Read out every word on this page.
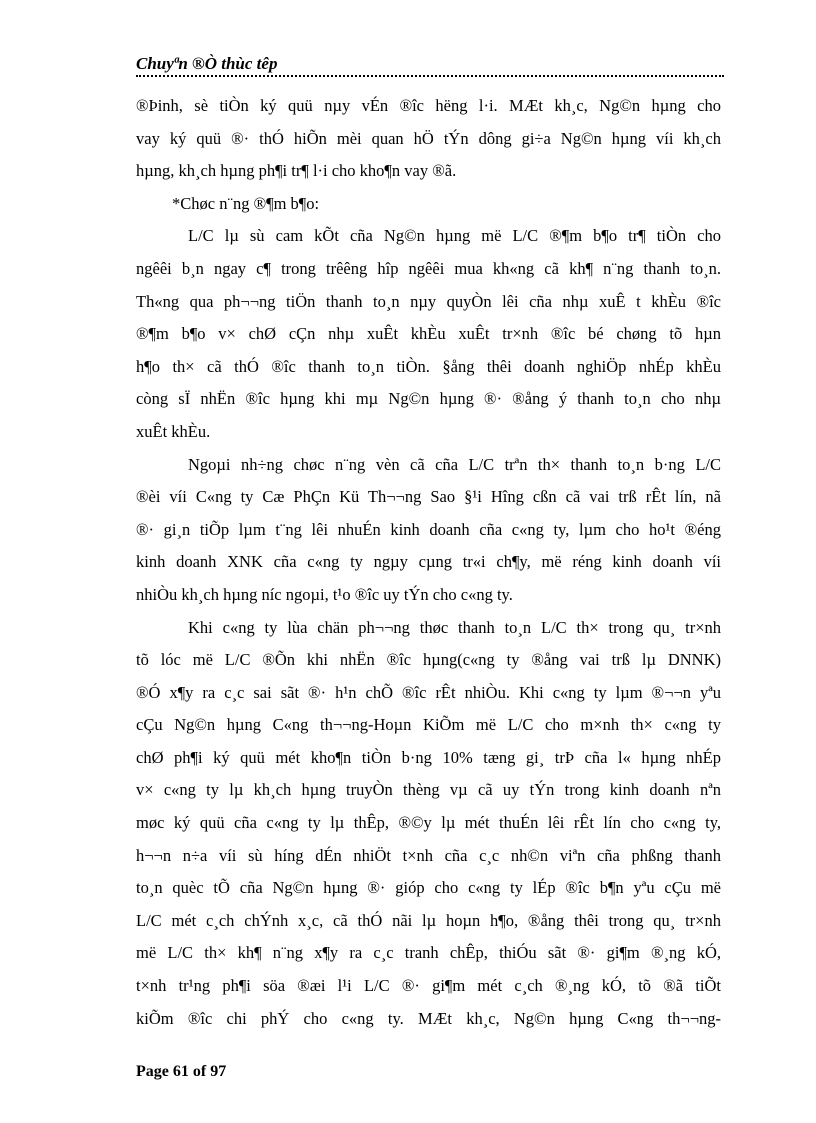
Chuyªn ®Ò thùc têp
®Þinh, sè tiÒn ký quü nµy vÉn ®îc hëng l·i. MÆt kh¸c, Ng©n hµng cho
vay ký quü ®· thÓ hiÕn mèi quan hÖ tÝn dông gi÷a Ng©n hµng víi kh¸ch
hµng, kh¸ch hµng ph¶i tr¶ l·i cho kho¶n vay ®ã.
*Chøc n¨ng ®¶m b¶o:
L/C lµ sù cam kÕt cña Ng©n hµng më L/C ®¶m b¶o tr¶ tiÒn cho
ngêêi b¸n ngay c¶ trong trêêng hîp ngêêi mua kh«ng cã kh¶ n¨ng thanh to¸n.
Th«ng qua ph¬¬ng tiÖn thanh to¸n nµy quyÒn lêi cña nhµ xuÊ t khÈu ®îc
®¶m b¶o v× chØ cÇn nhµ xuÊt khÈu xuÊt tr×nh ®îc bé chøng tõ hµn
h¶o th× cã thÓ ®îc thanh to¸n tiÒn. §ång thêi doanh nghiÖp nhÉp khÈu
còng sÏ nhËn ®îc hµng khi mµ Ng©n hµng ®· ®ång ý thanh to¸n cho nhµ
xuÊt khÈu.
Ngoµi nh÷ng chøc n¨ng vèn cã cña L/C trªn th× thanh to¸n b·ng L/C
®èi víi C«ng ty Cæ PhÇn Kü Th¬¬ng Sao §¹i Hîng cßn cã vai trß rÊt lín, nã
®· gi¸n tiÕp lµm t¨ng lêi nhuÉn kinh doanh cña c«ng ty, lµm cho ho¹t ®éng
kinh doanh XNK cña c«ng ty ngµy cµng tr«i ch¶y, më réng kinh doanh víi
nhiÒu kh¸ch hµng níc ngoµi, t¹o ®îc uy tÝn cho c«ng ty.
Khi c«ng ty lùa chän ph¬¬ng thøc thanh to¸n L/C th× trong qu¸ tr×nh
tõ lóc më L/C ®Õn khi nhËn ®îc hµng(c«ng ty ®ång vai trß lµ DNNK)
®Ó x¶y ra c¸c sai sãt ®· h¹n chÕ ®îc rÊt nhiÒu. Khi c«ng ty lµm ®¬¬n yªu
cÇu Ng©n hµng C«ng th¬¬ng-Hoµn KiÕm më L/C cho m×nh th× c«ng ty
chØ ph¶i ký quü mét kho¶n tiÒn b·ng 10% tæng gi¸ trÞ cña l« hµng nhÉp
v× c«ng ty lµ kh¸ch hµng truyÒn thèng vµ cã uy tÝn trong kinh doanh nªn
møc ký quü cña c«ng ty lµ thÊp, ®©y lµ mét thuÉn lêi rÊt lín cho c«ng ty,
h¬¬n n÷a víi sù híng dÉn nhiÖt t×nh cña c¸c nh©n viªn cña phßng thanh
to¸n quèc tÕ cña Ng©n hµng ®· gióp cho c«ng ty lÉp ®îc b¶n yªu cÇu më
L/C mét c¸ch chÝnh x¸c, cã thÓ nãi lµ hoµn h¶o, ®ång thêi trong qu¸ tr×nh
më L/C th× kh¶ n¨ng x¶y ra c¸c tranh chÊp, thiÓu sãt ®· gi¶m ®¸ng kÓ,
t×nh tr¹ng ph¶i söa ®æi l¹i L/C ®· gi¶m mét c¸ch ®¸ng kÓ, tõ ®ã tiÕt
kiÕm ®îc chi phÝ cho c«ng ty. MÆt kh¸c, Ng©n hµng C«ng th¬¬ng-
Page 61 of 97
